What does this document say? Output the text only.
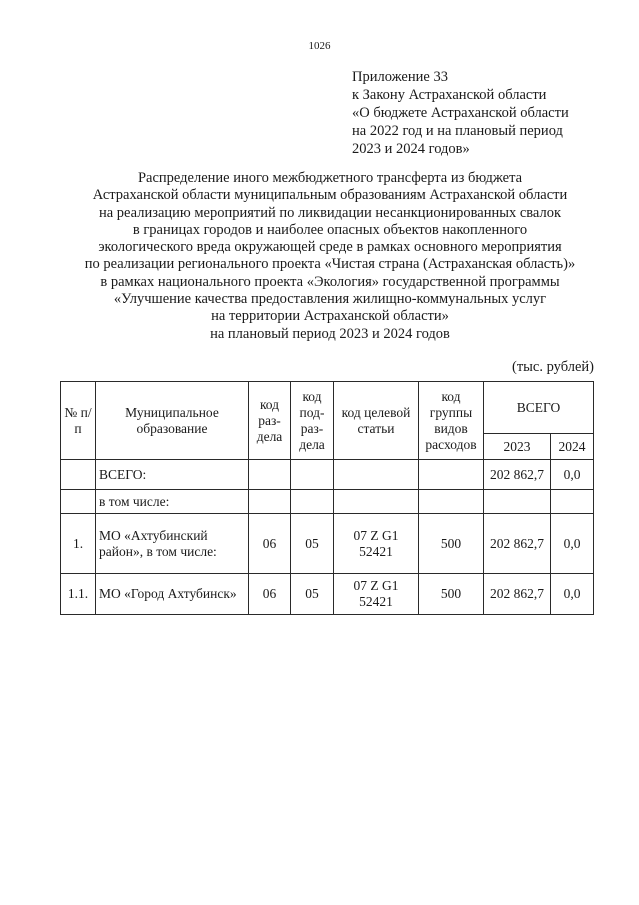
1026
Приложение 33
к Закону Астраханской области
«О бюджете Астраханской области
на 2022 год и на плановый период
2023 и 2024 годов»
Распределение иного межбюджетного трансферта из бюджета
Астраханской области муниципальным образованиям Астраханской области
на реализацию мероприятий по ликвидации несанкционированных свалок
в границах городов и наиболее опасных объектов накопленного
экологического вреда окружающей среде в рамках основного мероприятия
по реализации регионального проекта «Чистая страна (Астраханская область)»
в рамках национального проекта «Экология» государственной программы
«Улучшение качества предоставления жилищно-коммунальных услуг
на территории Астраханской области»
на плановый период 2023 и 2024 годов
(тыс. рублей)
№ п/п	Муниципальное образование	код раз- дела	код под- раз- дела	код целевой статьи	код группы видов расходов	ВСЕГО	
						2023	2024
	ВСЕГО:					202 862,7	0,0
	в том числе:						
1.	МО «Ахтубинский район», в том числе:	06	05	07 Z G1 52421	500	202 862,7	0,0
1.1.	МО «Город Ахтубинск»	06	05	07 Z G1 52421	500	202 862,7	0,0
